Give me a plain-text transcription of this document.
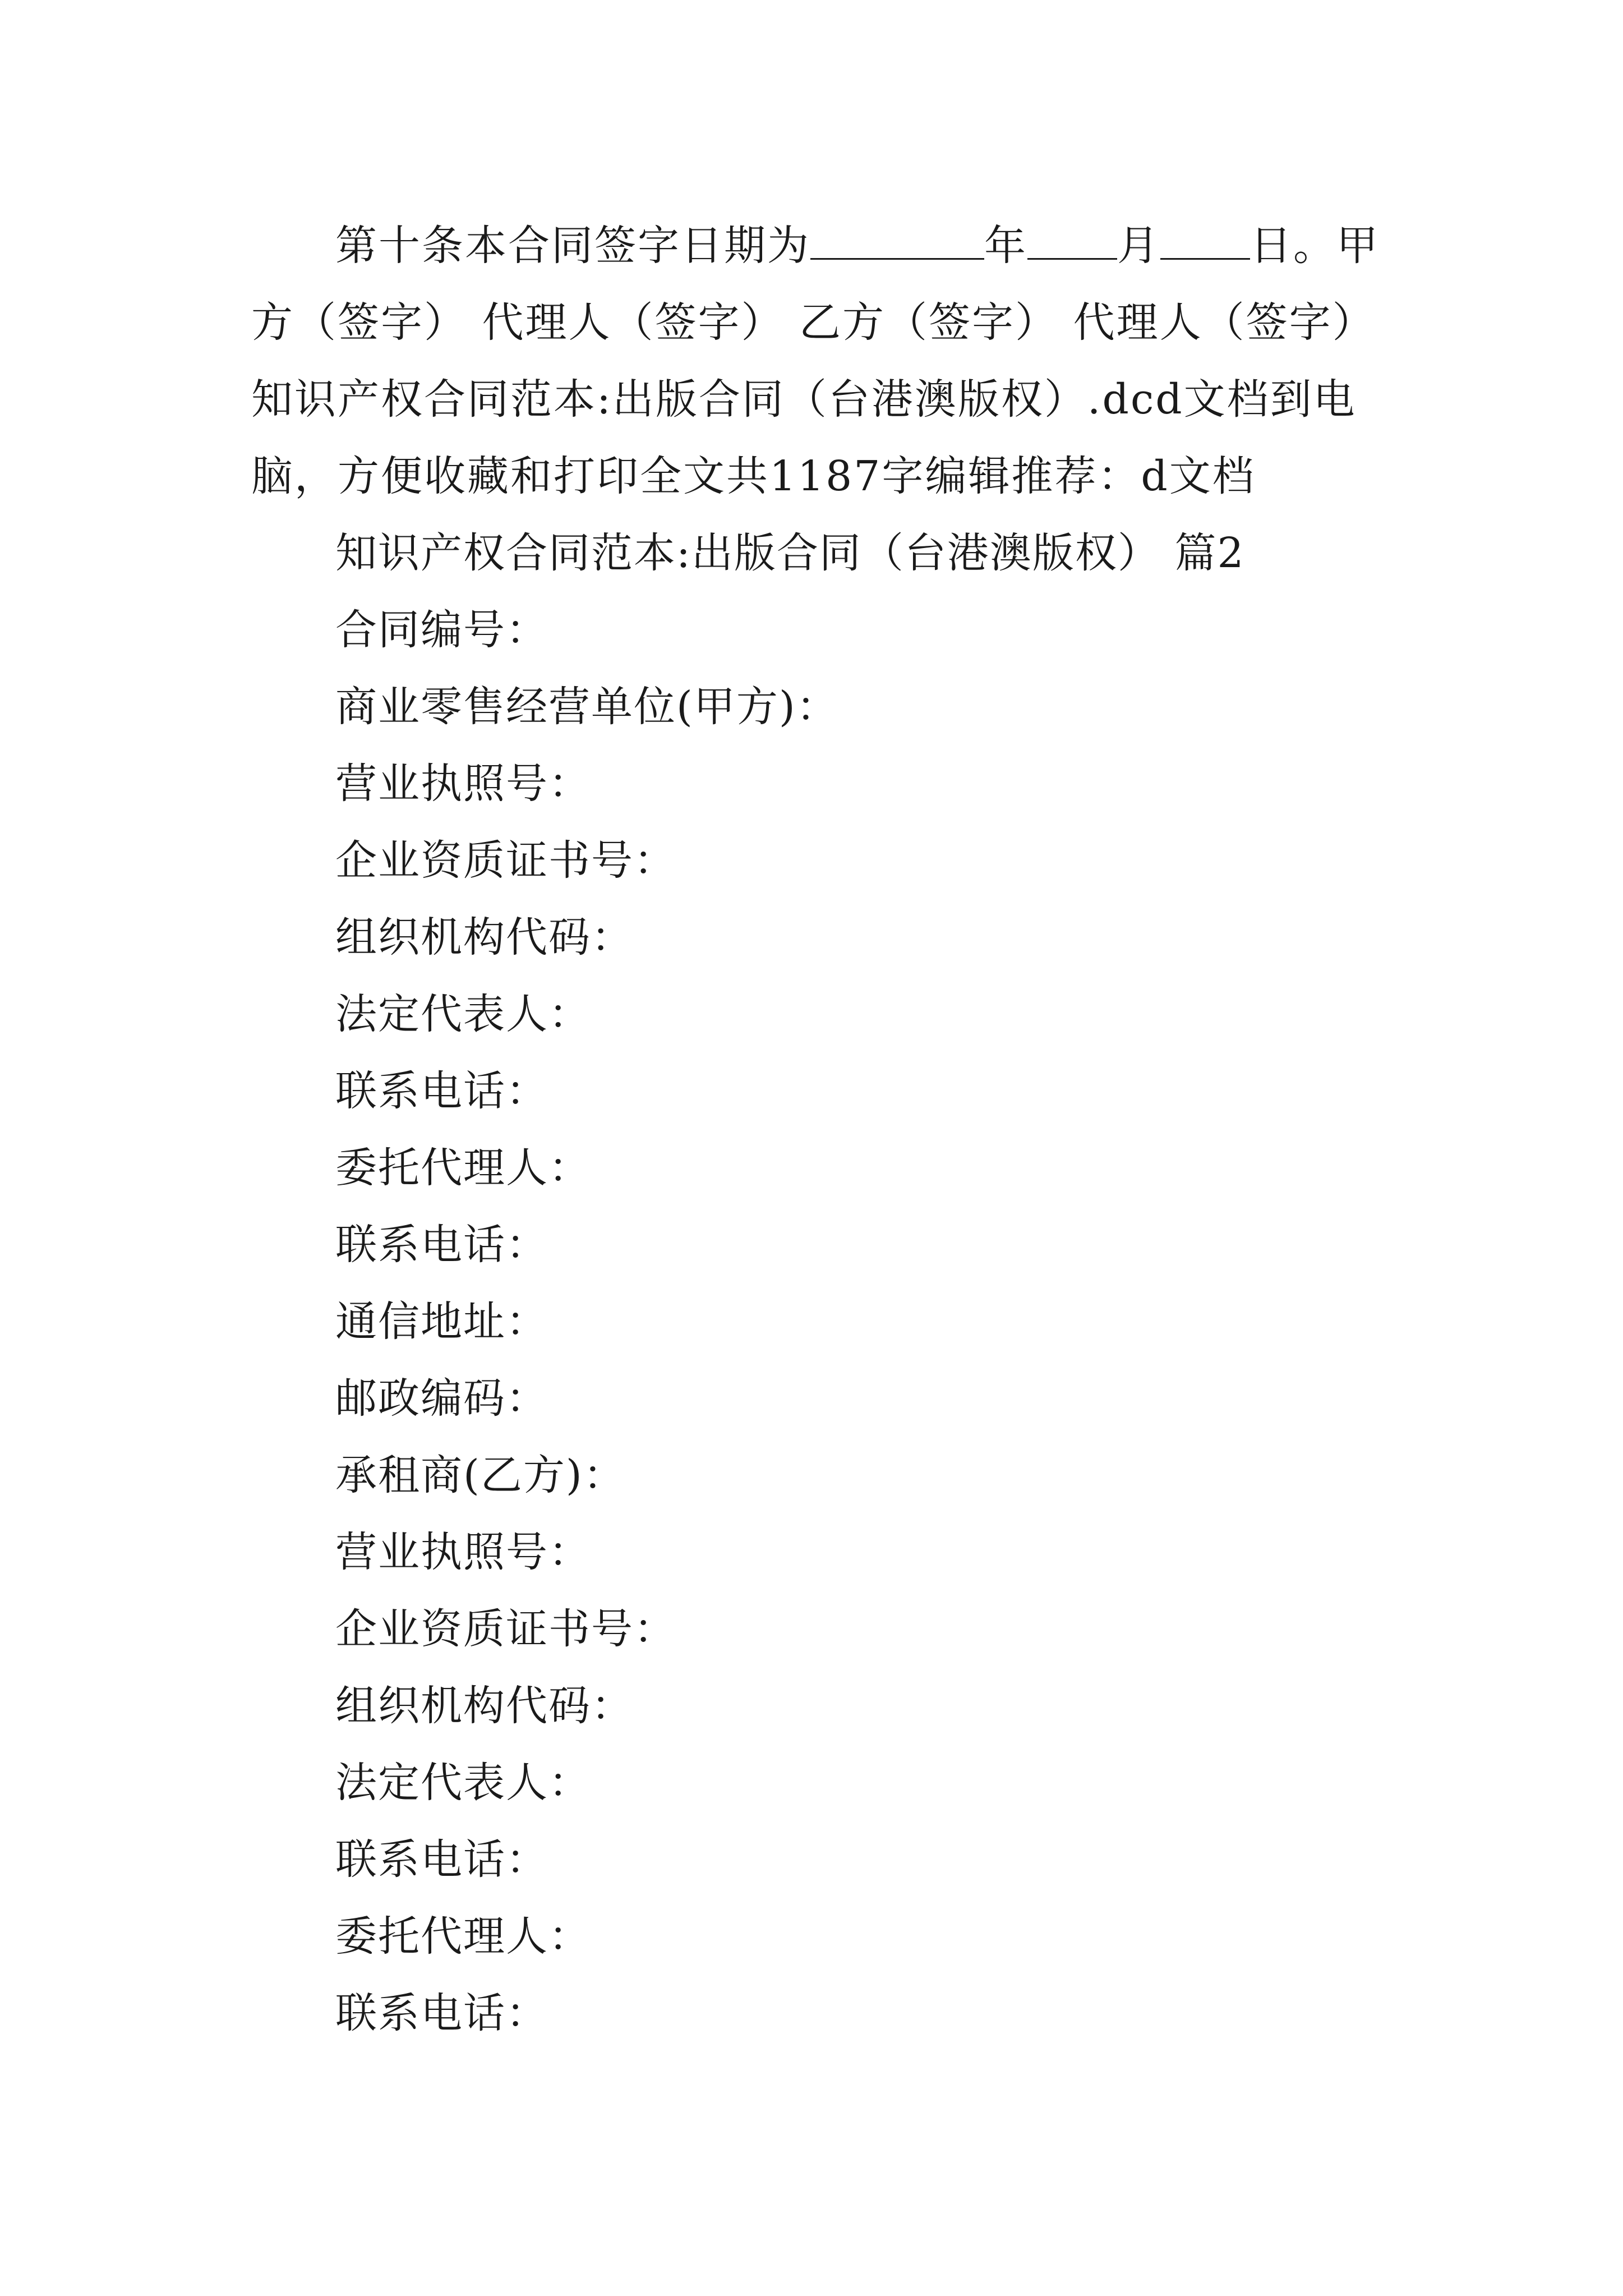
第十条本合同签字日期为	年 月 日。甲方（签字） 代理人（签字） 乙方（签字） 代理人（签字）知识产权合同范本:出版合同（台港澳版权）.dcd文档到电脑，方便收藏和打印全文共1187字编辑推荐：d文档

知识产权合同范本:出版合同（台港澳版权） 篇2
合同编号：
商业零售经营单位(甲方)：
营业执照号：
企业资质证书号：
组织机构代码：
法定代表人：
联系电话：
委托代理人：
联系电话：
通信地址：
邮政编码：
承租商(乙方)：
营业执照号：
企业资质证书号：
组织机构代码：
法定代表人：
联系电话：
委托代理人：
联系电话：
